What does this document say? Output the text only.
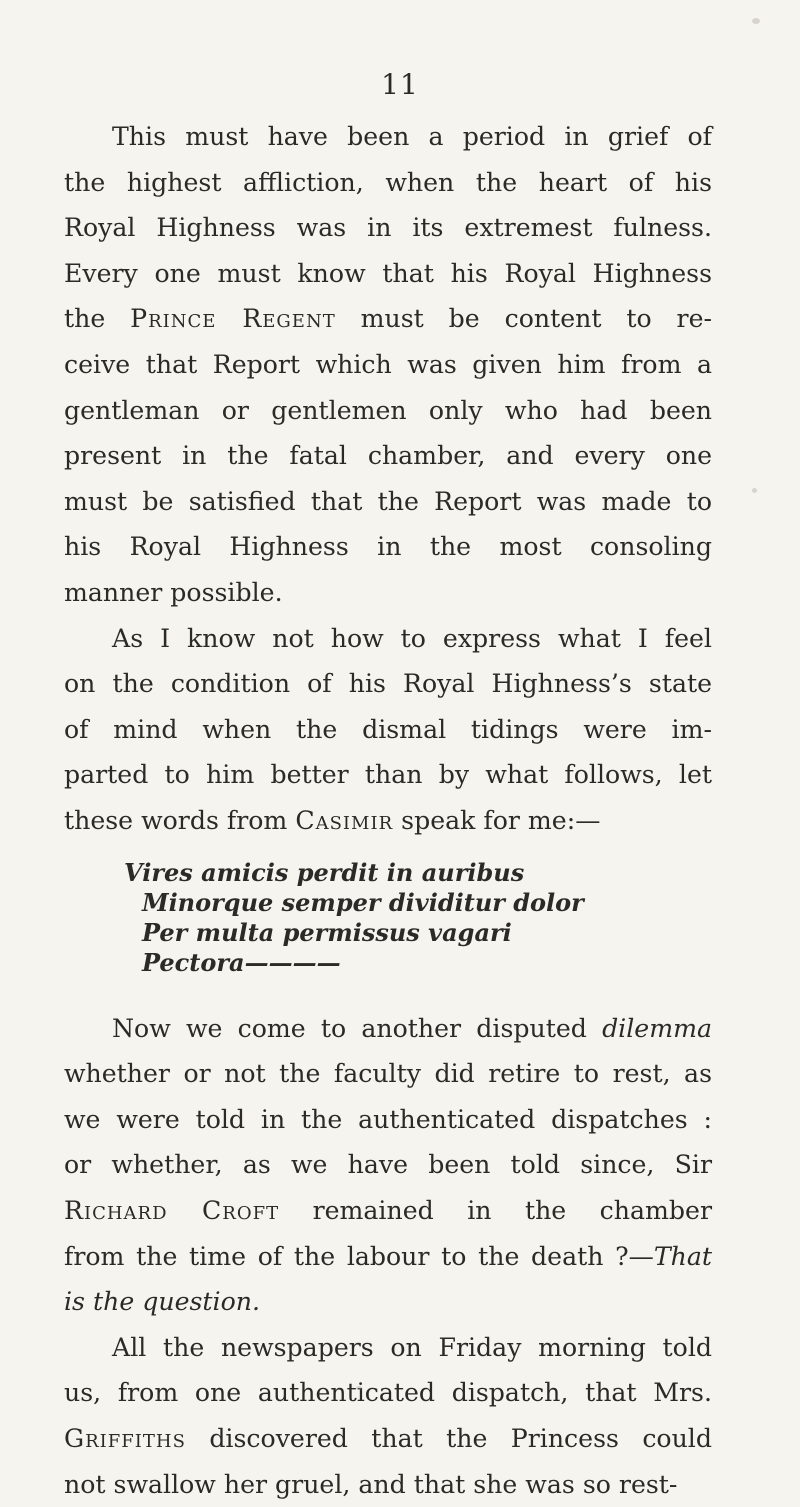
11
This must have been a period in grief of
the highest affliction, when the heart of his
Royal Highness was in its extremest fulness.
Every one must know that his Royal Highness
the Prince Regent must be content to re-
ceive that Report which was given him from a
gentleman or gentlemen only who had been
present in the fatal chamber, and every one
must be satisfied that the Report was made to
his Royal Highness in the most consoling
manner possible.
As I know not how to express what I feel
on the condition of his Royal Highness’s state
of mind when the dismal tidings were im-
parted to him better than by what follows, let
these words from Casimir speak for me:—
Vires amicis perdit in auribus
Minorque semper dividitur dolor
Per multa permissus vagari
Pectora————
Now we come to another disputed dilemma
whether or not the faculty did retire to rest, as
we were told in the authenticated dispatches :
or whether, as we have been told since, Sir
Richard Croft remained in the chamber
from the time of the labour to the death ?—That
is the question.
All the newspapers on Friday morning told
us, from one authenticated dispatch, that Mrs.
Griffiths discovered that the Princess could
not swallow her gruel, and that she was so rest-
